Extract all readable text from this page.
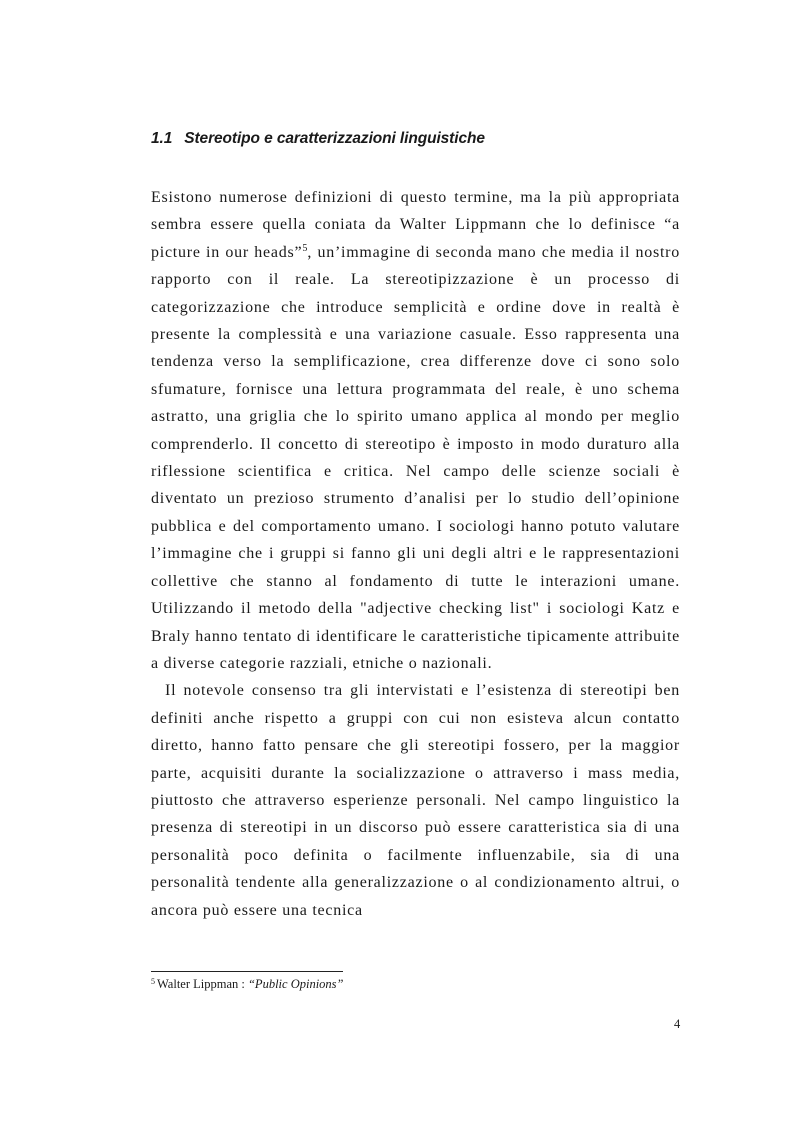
1.1 Stereotipo e caratterizzazioni linguistiche

Esistono numerose definizioni di questo termine, ma la più appropriata sembra essere quella coniata da Walter Lippmann che lo definisce “a picture in our heads”$^5$, un’immagine di seconda mano che media il nostro rapporto con il reale. La stereotipizzazione è un processo di categorizzazione che introduce semplicità e ordine dove in realtà è presente la complessità e una variazione casuale. Esso rappresenta una tendenza verso la semplificazione, crea differenze dove ci sono solo sfumature, fornisce una lettura programmata del reale, è uno schema astratto, una griglia che lo spirito umano applica al mondo per meglio comprenderlo. Il concetto di stereotipo è imposto in modo duraturo alla riflessione scientifica e critica. Nel campo delle scienze sociali è diventato un prezioso strumento d’analisi per lo studio dell’opinione pubblica e del comportamento umano. I sociologi hanno potuto valutare l’immagine che i gruppi si fanno gli uni degli altri e le rappresentazioni collettive che stanno al fondamento di tutte le interazioni umane. Utilizzando il metodo della "adjective checking list" i sociologi Katz e Braly hanno tentato di identificare le caratteristiche tipicamente attribuite a diverse categorie razziali, etniche o nazionali.

Il notevole consenso tra gli intervistati e l’esistenza di stereotipi ben definiti anche rispetto a gruppi con cui non esisteva alcun contatto diretto, hanno fatto pensare che gli stereotipi fossero, per la maggior parte, acquisiti durante la socializzazione o attraverso i mass media, piuttosto che attraverso esperienze personali. Nel campo linguistico la presenza di stereotipi in un discorso può essere caratteristica sia di una personalità poco definita o facilmente influenzabile, sia di una personalità tendente alla generalizzazione o al condizionamento altrui, o ancora può essere una tecnica

$^5$ Walter Lippman : “Public Opinions”
4
